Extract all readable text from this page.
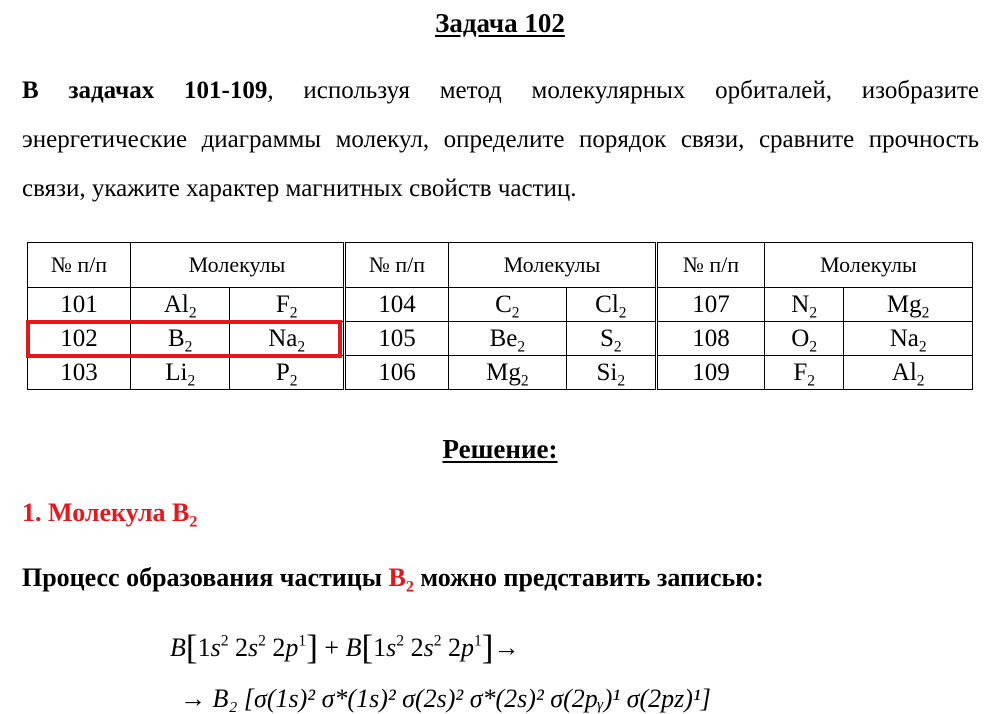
Задача 102
В задачах 101-109, используя метод молекулярных орбиталей, изобразите энергетические диаграммы молекул, определите порядок связи, сравните прочность связи, укажите характер магнитных свойств частиц.
№ п/п	Молекулы		№ п/п	Молекулы		№ п/п	Молекулы	
101	$Al_2$	$F_2$	104	$C_2$	$Cl_2$	107	$N_2$	$Mg_2$
102	$B_2$	$Na_2$	105	$Be_2$	$S_2$	108	$O_2$	$Na_2$
103	$Li_2$	$P_2$	106	$Mg_2$	$Si_2$	109	$F_2$	$Al_2$
Решение:
1. Молекула $B_2$
Процесс образования частицы $B_2$ можно представить записью:
$B[1s^2$ $2s^2$ $2p^1] + B[1s^2$ $2s^2$ $2p^1]\to$
→ B₂ [σ(1s)² σ*(1s)² σ(2s)² σ*(2s)² σ(2pᵧ)¹ σ(2pz)¹]
